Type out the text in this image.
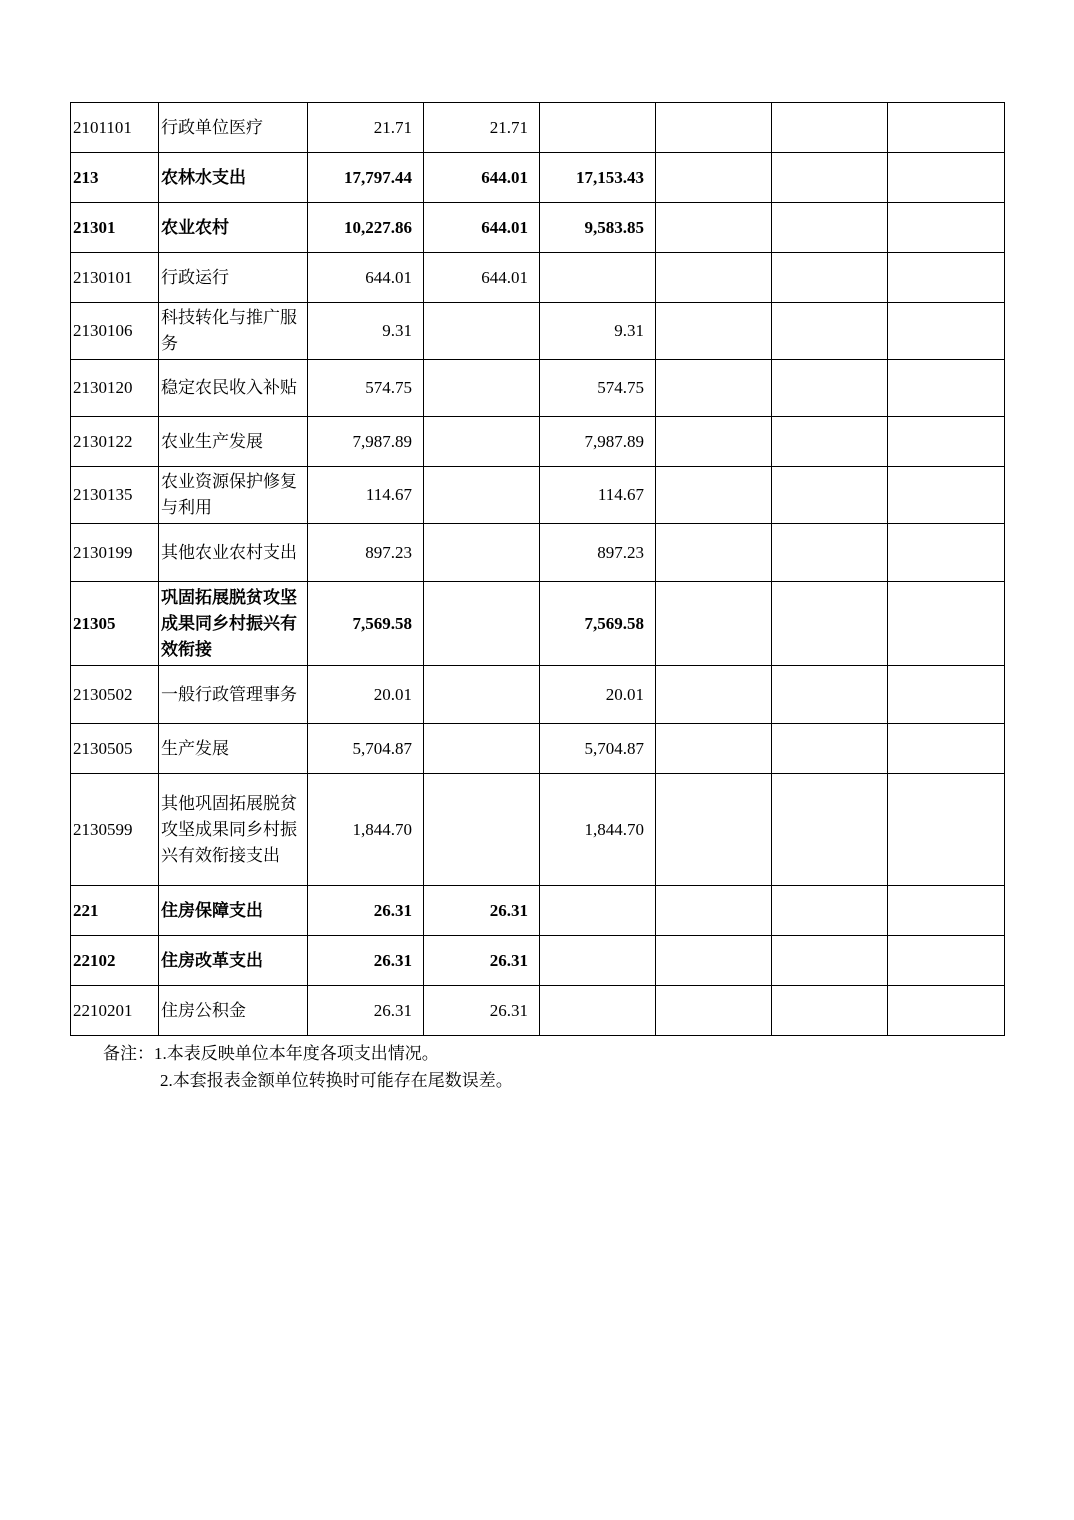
2101101	行政单位医疗	21.71	21.71				
213	农林水支出	17,797.44	644.01	17,153.43			
21301	农业农村	10,227.86	644.01	9,583.85			
2130101	行政运行	644.01	644.01				
2130106	科技转化与推广服务	9.31		9.31			
2130120	稳定农民收入补贴	574.75		574.75			
2130122	农业生产发展	7,987.89		7,987.89			
2130135	农业资源保护修复与利用	114.67		114.67			
2130199	其他农业农村支出	897.23		897.23			
21305	巩固拓展脱贫攻坚成果同乡村振兴有效衔接	7,569.58		7,569.58			
2130502	一般行政管理事务	20.01		20.01			
2130505	生产发展	5,704.87		5,704.87			
2130599	其他巩固拓展脱贫攻坚成果同乡村振兴有效衔接支出	1,844.70		1,844.70			
221	住房保障支出	26.31	26.31				
22102	住房改革支出	26.31	26.31				
2210201	住房公积金	26.31	26.31				
备注：1.本表反映单位本年度各项支出情况。
2.本套报表金额单位转换时可能存在尾数误差。
